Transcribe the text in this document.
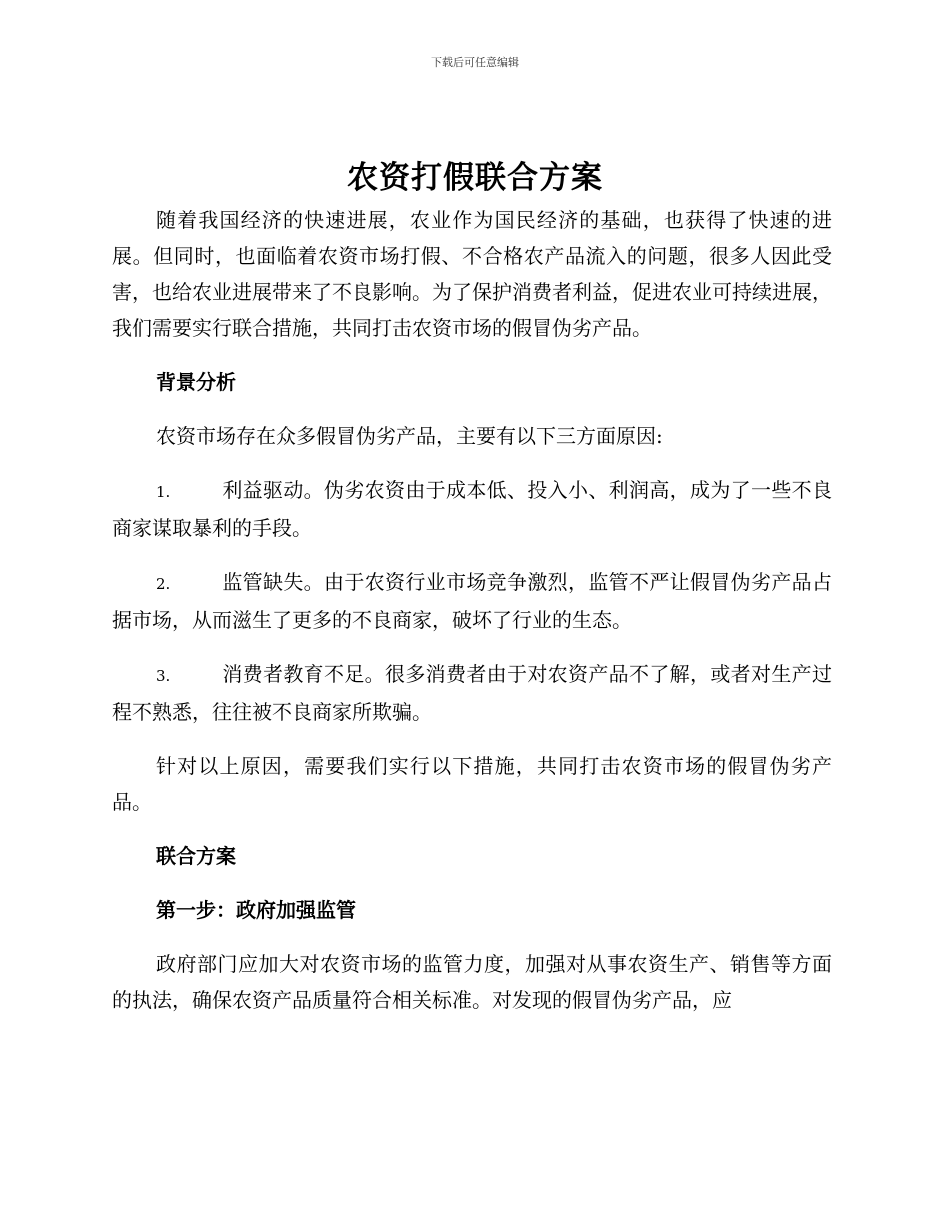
下载后可任意编辑
农资打假联合方案

随着我国经济的快速进展，农业作为国民经济的基础，也获得了快速的进展。但同时，也面临着农资市场打假、不合格农产品流入的问题，很多人因此受害，也给农业进展带来了不良影响。为了保护消费者利益，促进农业可持续进展，我们需要实行联合措施，共同打击农资市场的假冒伪劣产品。

背景分析

农资市场存在众多假冒伪劣产品，主要有以下三方面原因:

1.	利益驱动。伪劣农资由于成本低、投入小、利润高，成为了一些不良商家谋取暴利的手段。

2.	监管缺失。由于农资行业市场竞争激烈，监管不严让假冒伪劣产品占据市场，从而滋生了更多的不良商家，破坏了行业的生态。

3.	消费者教育不足。很多消费者由于对农资产品不了解，或者对生产过程不熟悉，往往被不良商家所欺骗。

针对以上原因，需要我们实行以下措施，共同打击农资市场的假冒伪劣产品。

联合方案
第一步：政府加强监管

政府部门应加大对农资市场的监管力度，加强对从事农资生产、销售等方面的执法，确保农资产品质量符合相关标准。对发现的假冒伪劣产品，应
